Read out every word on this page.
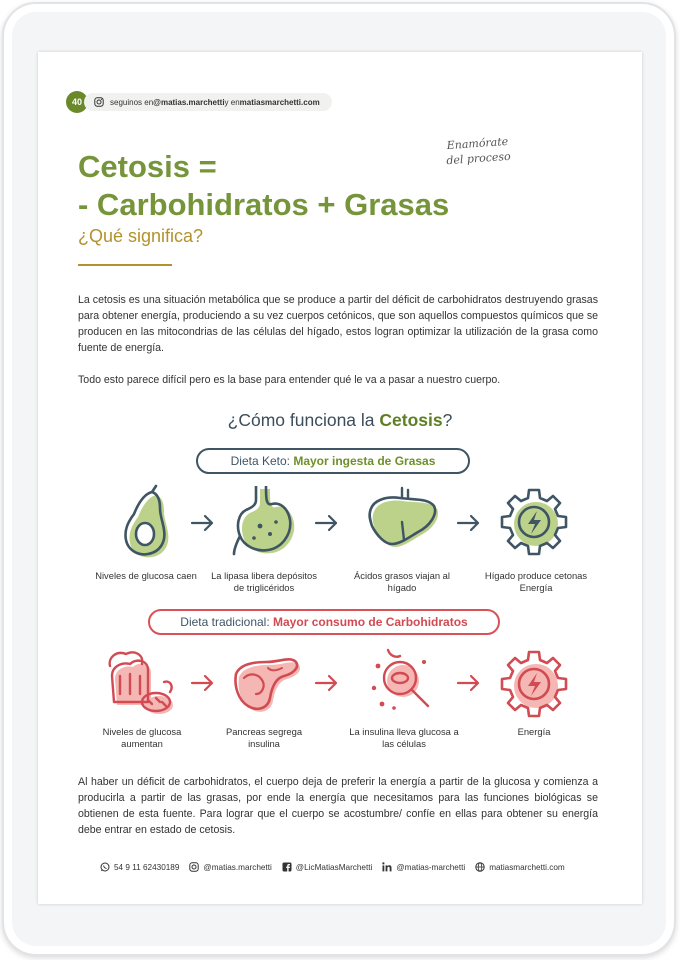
40	seguinos en @matias.marchetti y en matiasmarchetti.com
Enamórate
del proceso
Cetosis =
- Carbohidratos + Grasas
¿Qué significa?

La cetosis es una situación metabólica que se produce a partir del déficit de carbohidratos destruyendo grasas para obtener energía, produciendo a su vez cuerpos cetónicos, que son aquellos compuestos químicos que se producen en las mitocondrias de las células del hígado, estos logran optimizar la utilización de la grasa como fuente de energía.

Todo esto parece difícil pero es la base para entender qué le va a pasar a nuestro cuerpo.

¿Cómo funciona la Cetosis?
Dieta Keto:
Mayor ingesta de Grasas
Niveles de glucosa caen	La lipasa libera depósitos de triglicéridos
Ácidos grasos viajan al hígado
Hígado produce cetonas Energía
Dieta tradicional:
Mayor consumo de Carbohidratos
Niveles de glucosa aumentan
Pancreas segrega insulina
La insulina lleva glucosa a las células
Energía

Al haber un déficit de carbohidratos, el cuerpo deja de preferir la energía a partir de la glucosa y comienza a producirla a partir de las grasas, por ende la energía que necesitamos para las funciones biológicas se obtienen de esta fuente. Para lograr que el cuerpo se acostumbre/ confíe en ellas para obtener su energía debe entrar en estado de cetosis.

54 9 11 62430189	@matias.marchetti	@LicMatiasMarchetti	@matias-marchetti	matiasmarchetti.com
